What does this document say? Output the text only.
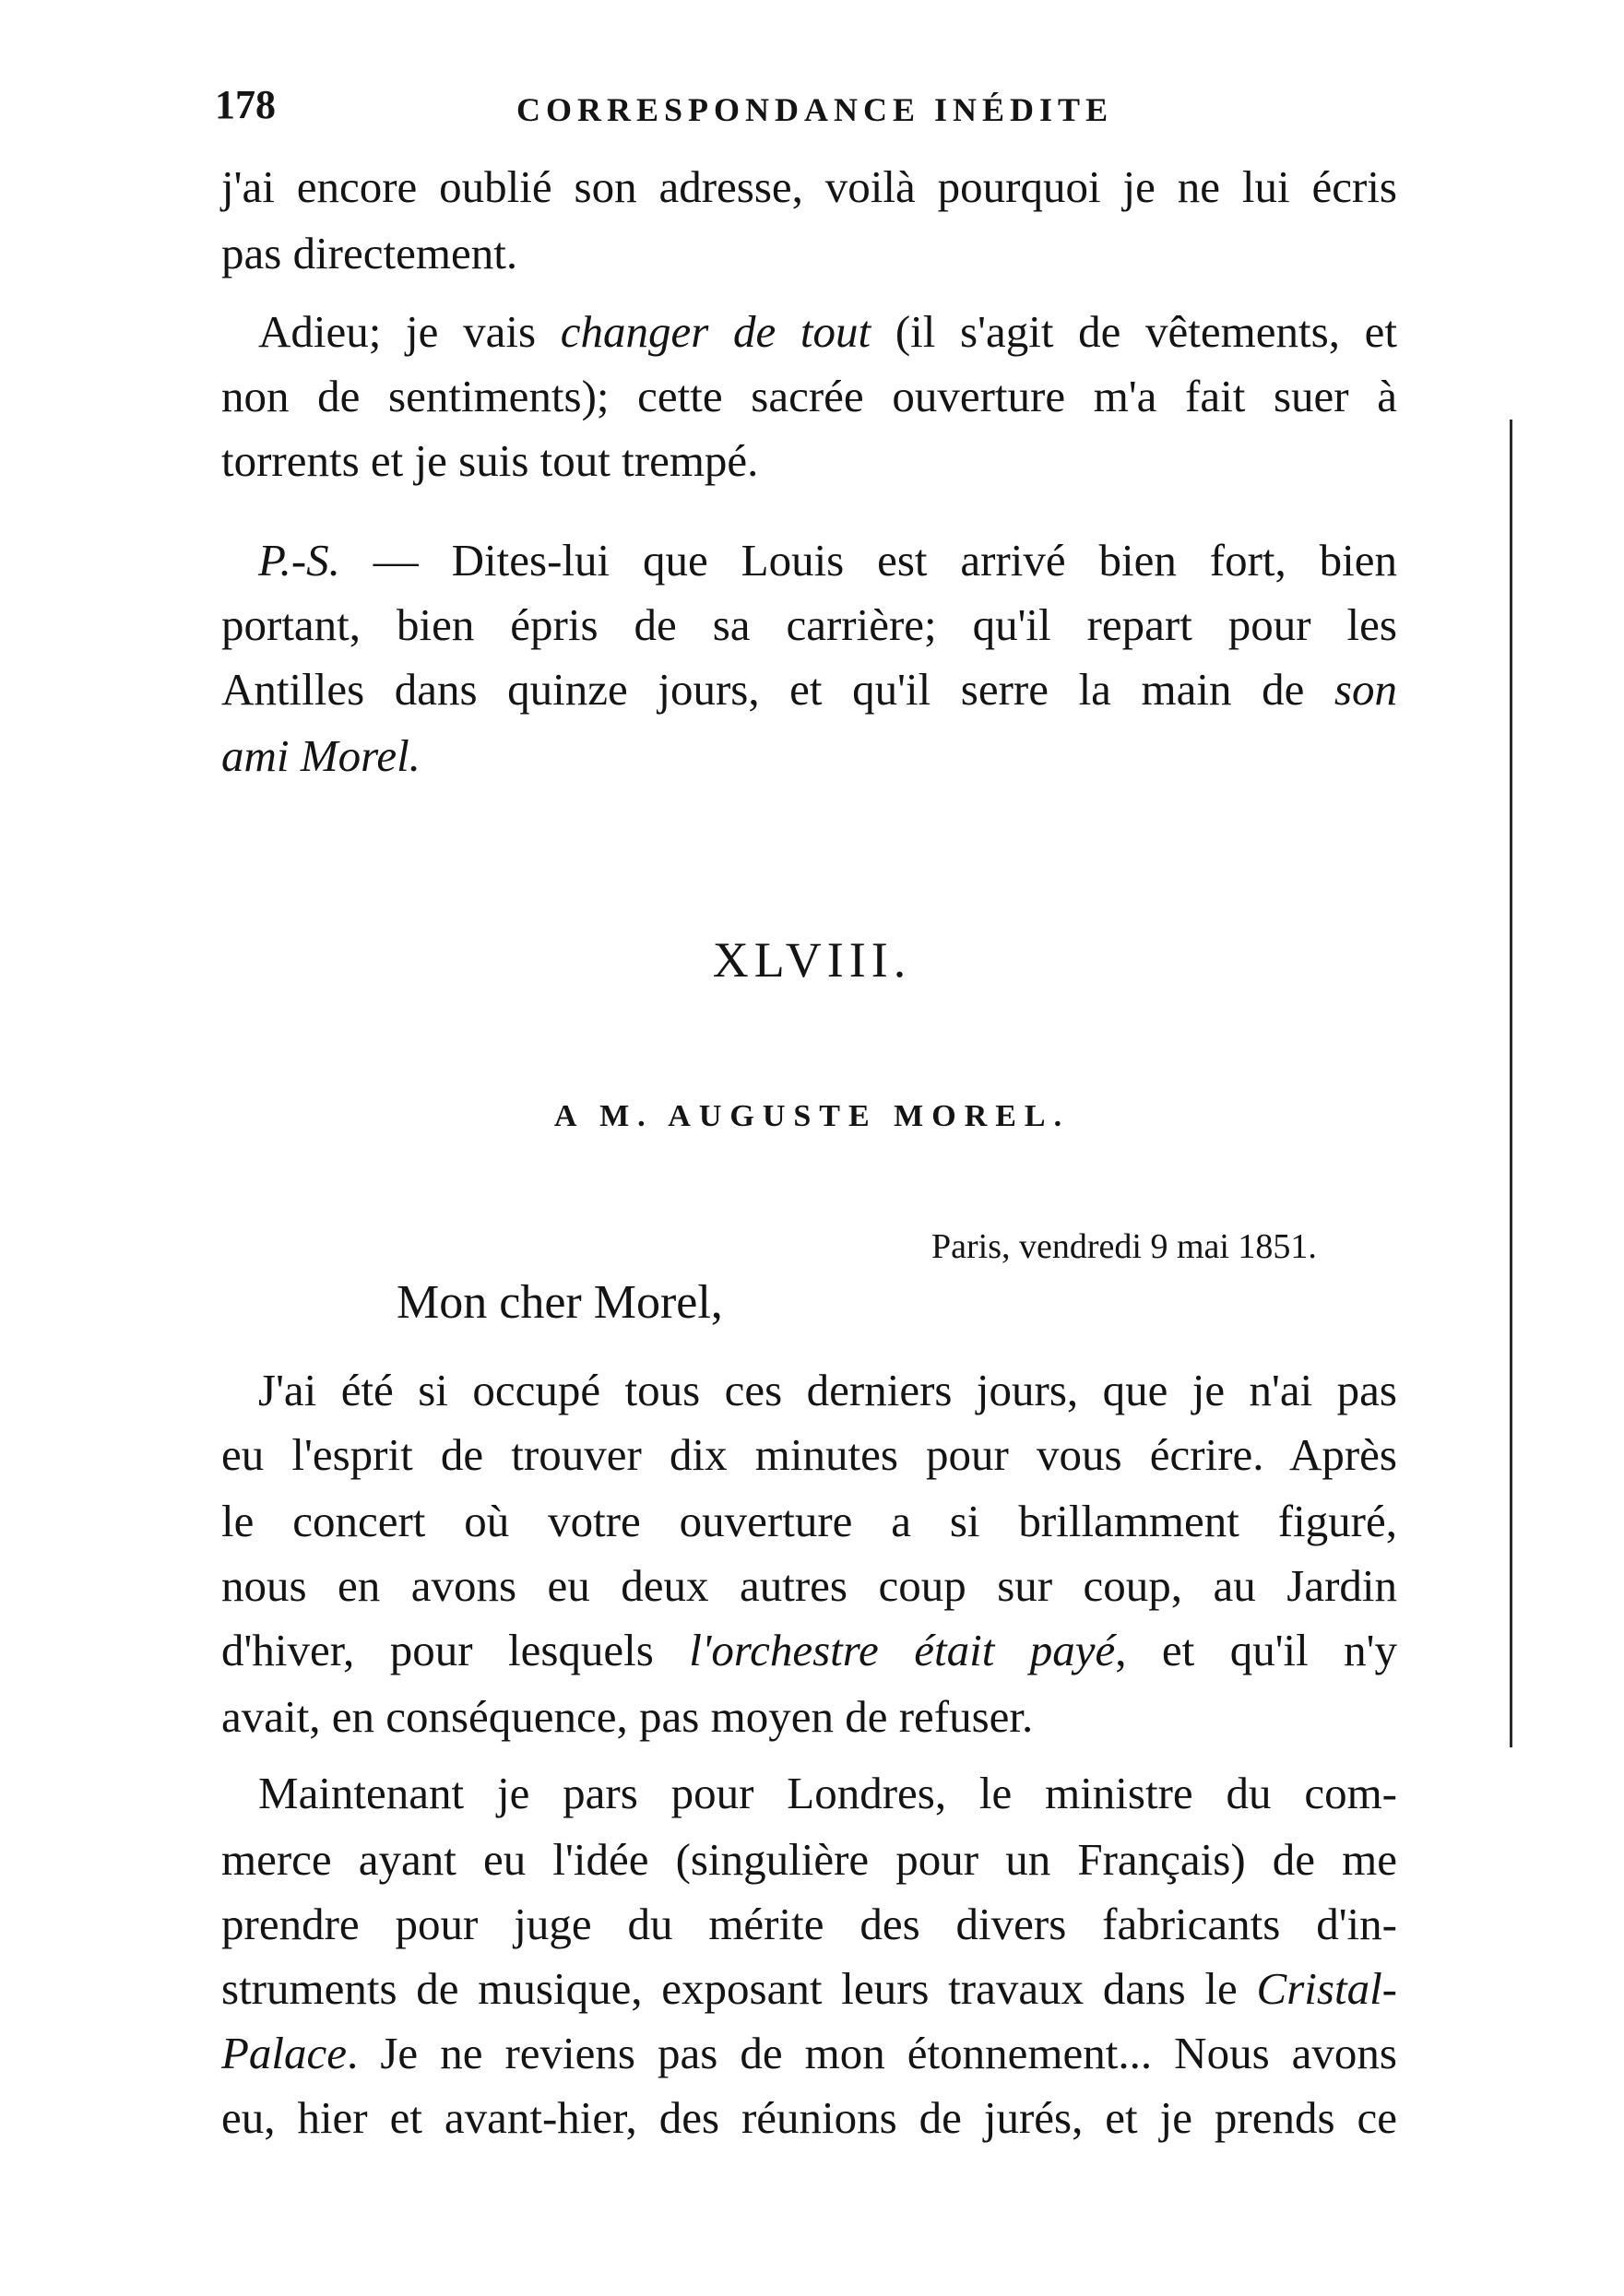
178	CORRESPONDANCE INÉDITE
j'ai encore oublié son adresse, voilà pourquoi je ne lui écris
pas directement.
Adieu; je vais changer de tout (il s'agit de vêtements, et
non de sentiments); cette sacrée ouverture m'a fait suer à
torrents et je suis tout trempé.
P.-S. — Dites-lui que Louis est arrivé bien fort, bien
portant, bien épris de sa carrière; qu'il repart pour les
Antilles dans quinze jours, et qu'il serre la main de son
ami Morel.
XLVIII.
A M. AUGUSTE MOREL.
Paris, vendredi 9 mai 1851.
Mon cher Morel,
J'ai été si occupé tous ces derniers jours, que je n'ai pas
eu l'esprit de trouver dix minutes pour vous écrire. Après
le concert où votre ouverture a si brillamment figuré,
nous en avons eu deux autres coup sur coup, au Jardin
d'hiver, pour lesquels l'orchestre était payé, et qu'il n'y
avait, en conséquence, pas moyen de refuser.
Maintenant je pars pour Londres, le ministre du com-
merce ayant eu l'idée (singulière pour un Français) de me
prendre pour juge du mérite des divers fabricants d'in-
struments de musique, exposant leurs travaux dans le Cristal-
Palace. Je ne reviens pas de mon étonnement... Nous avons
eu, hier et avant-hier, des réunions de jurés, et je prends ce
